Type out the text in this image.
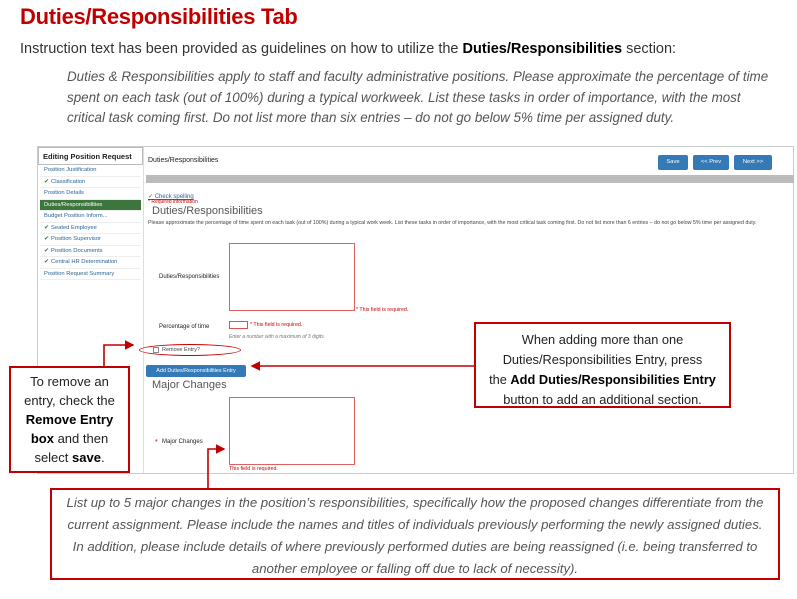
Duties/Responsibilities Tab
Instruction text has been provided as guidelines on how to utilize the Duties/Responsibilities section:
Duties & Responsibilities apply to staff and faculty administrative positions. Please approximate the percentage of time spent on each task (out of 100%) during a typical workweek. List these tasks in order of importance, with the most critical task coming first. Do not list more than six entries – do not go below 5% time per assigned duty.
Editing Position Request
Position Justification
✔ Classification
Position Details
Duties/Responsibilities
Budget Position Inform...
✔ Seated Employee
✔ Position Supervisor
✔ Position Documents
✔ Central HR Determination
Position Request Summary
Duties/Responsibilities	Save	<< Prev	Next >>
✓ Check spelling
* Required information
Duties/Responsibilities
Please approximate the percentage of time spent on each task (out of 100%) during a typical work week. List these tasks in order of importance, with the most critical task coming first. Do not list more than 6 entries – do not go below 5% time per assigned duty.
Duties/Responsibilities
* This field is required.
Percentage of time	* This field is required.
Enter a number with a maximum of 3 digits.
Remove Entry?
Add Duties/Responsibilities Entry
Major Changes
* Major Changes
This field is required.
When adding more than one
Duties/Responsibilities Entry, press
the Add Duties/Responsibilities Entry
button to add an additional section.
To remove an
entry, check the
Remove Entry
box and then
select save.
List up to 5 major changes in the position’s responsibilities, specifically how the proposed changes differentiate from the current assignment. Please include the names and titles of individuals previously performing the newly assigned duties. In addition, please include details of where previously performed duties are being reassigned (i.e. being transferred to another employee or falling off due to lack of necessity).
